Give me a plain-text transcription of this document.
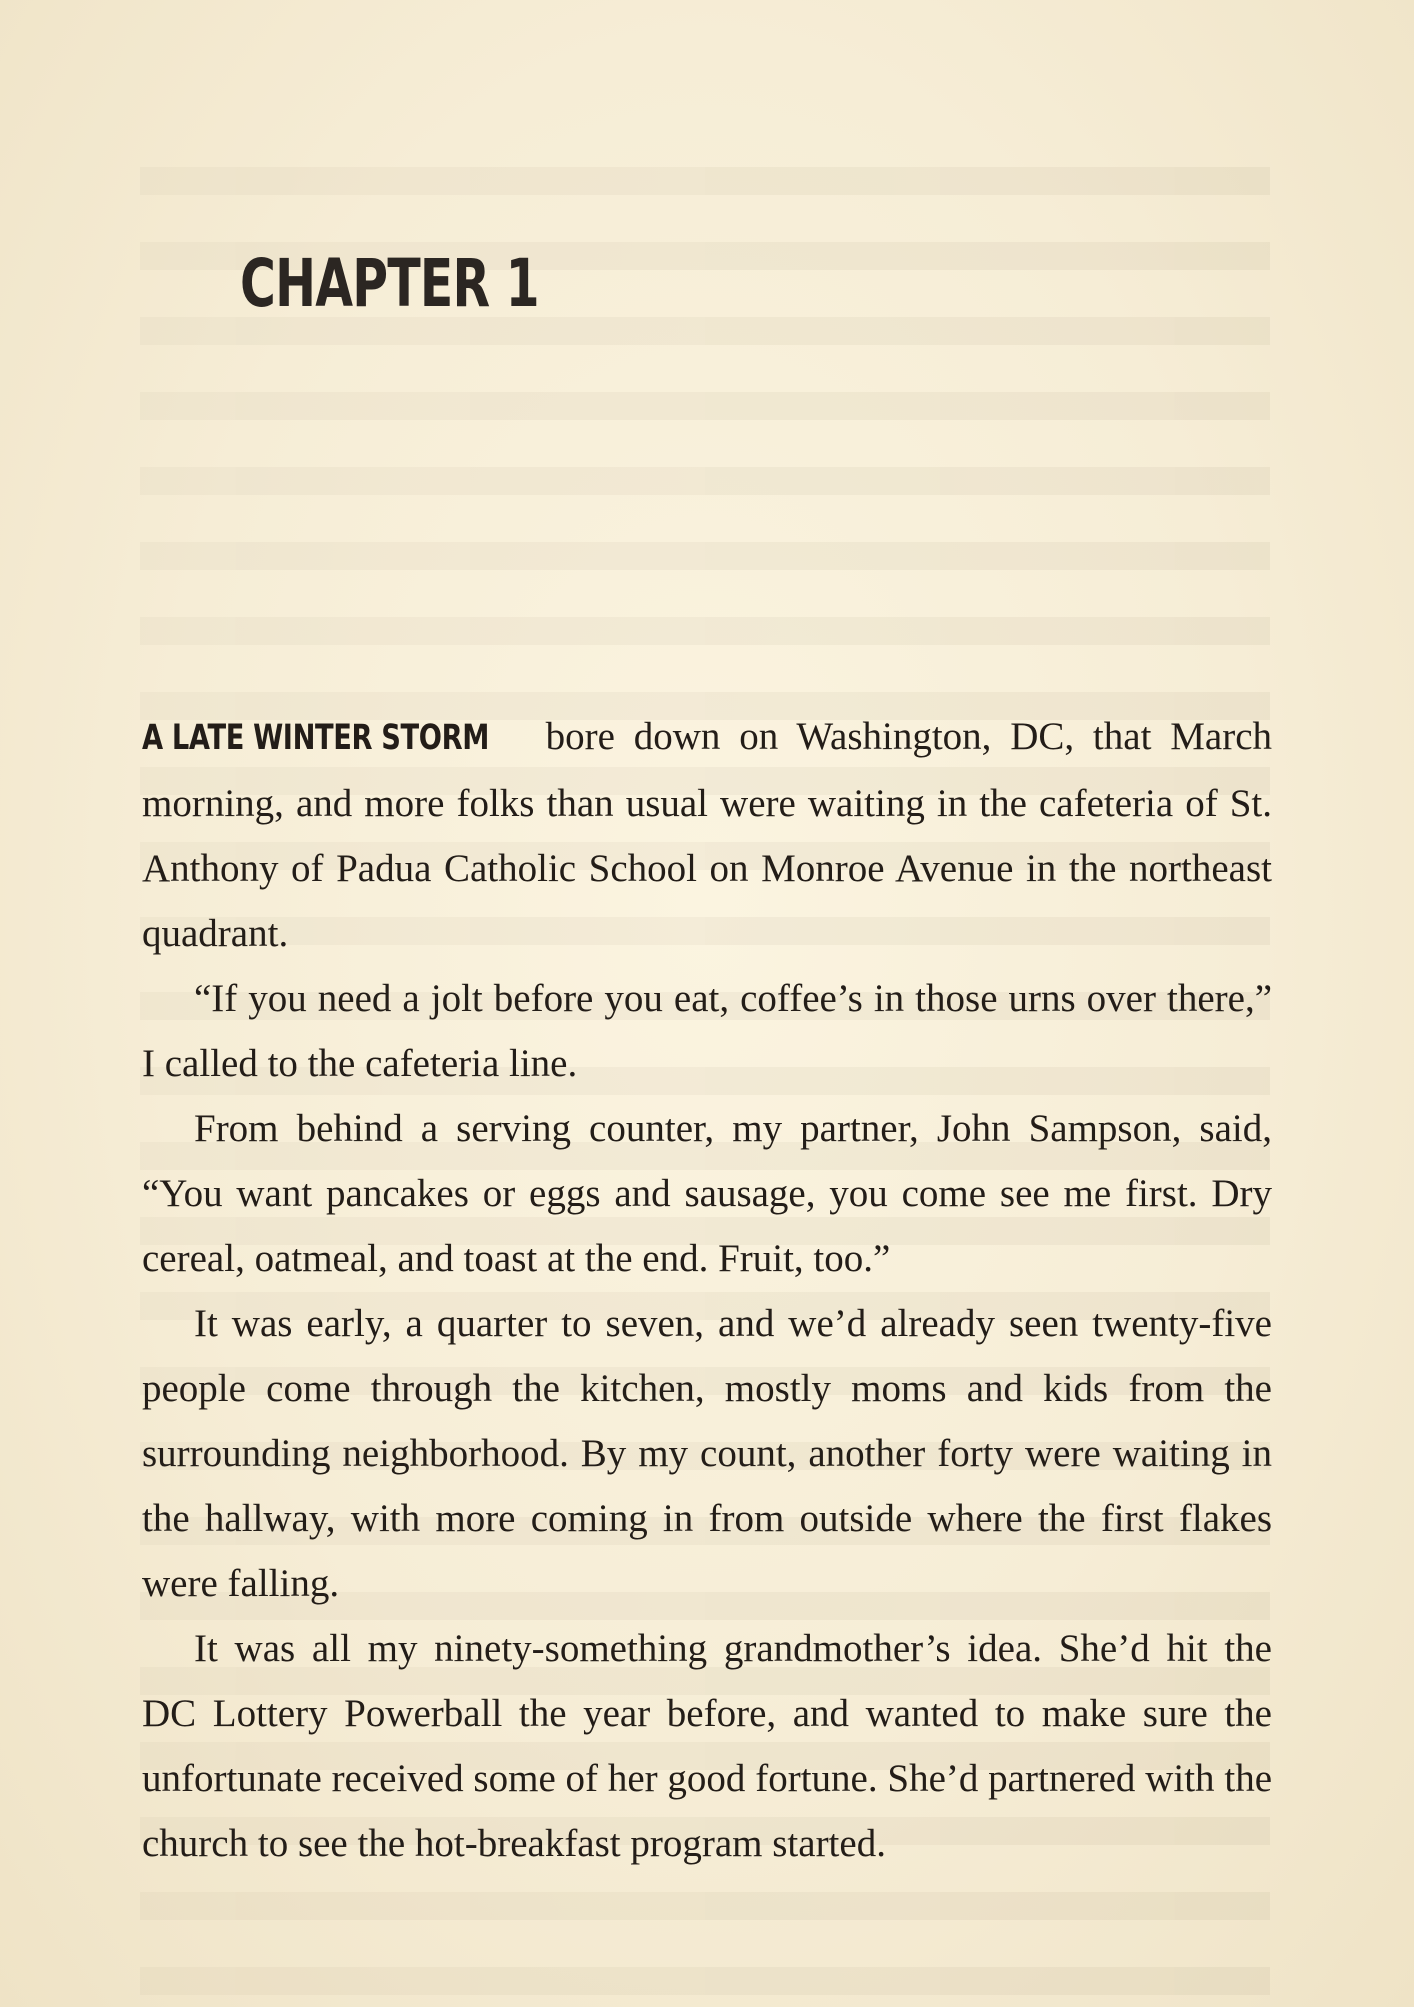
CHAPTER 1

A LATE WINTER STORM bore down on Washington, DC, that March morning, and more folks than usual were waiting in the cafeteria of St. Anthony of Padua Catholic School on Monroe Avenue in the northeast quadrant.

“If you need a jolt before you eat, coffee’s in those urns over there,” I called to the cafeteria line.

From behind a serving counter, my partner, John Sampson, said, “You want pancakes or eggs and sausage, you come see me first. Dry cereal, oatmeal, and toast at the end. Fruit, too.”

It was early, a quarter to seven, and we’d already seen twenty-five people come through the kitchen, mostly moms and kids from the surrounding neighborhood. By my count, another forty were waiting in the hallway, with more coming in from outside where the first flakes were falling.

It was all my ninety-something grandmother’s idea. She’d hit the DC Lottery Powerball the year before, and wanted to make sure the unfortunate received some of her good fortune. She’d partnered with the church to see the hot-breakfast program started.
